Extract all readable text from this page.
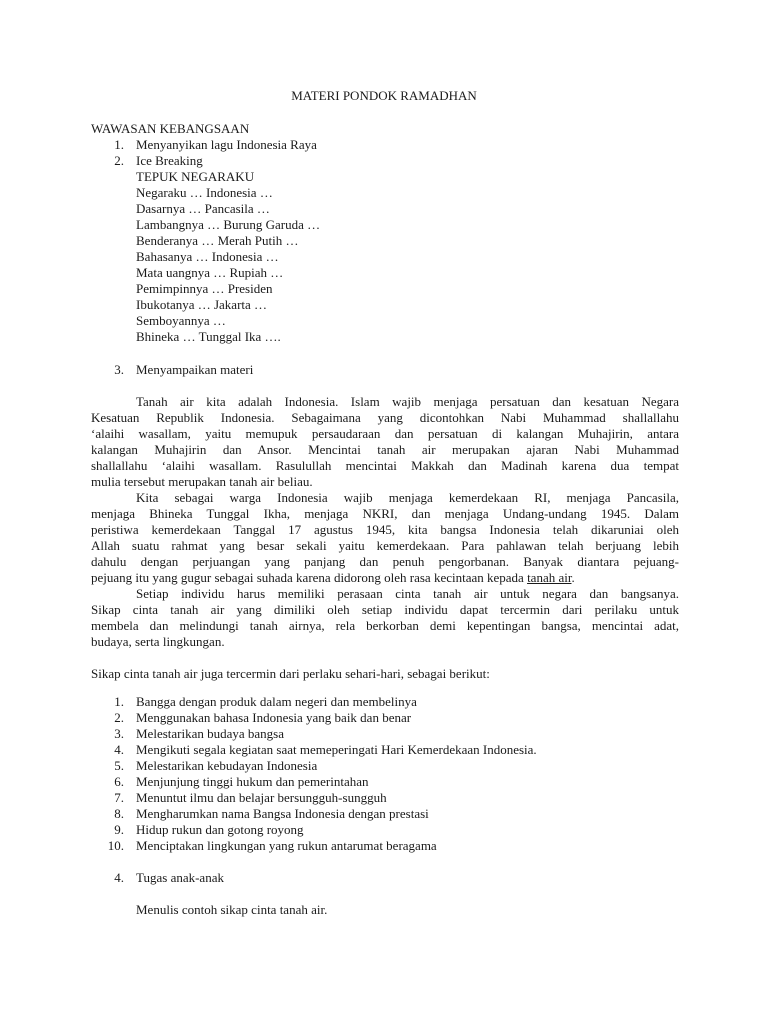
MATERI PONDOK RAMADHAN
WAWASAN KEBANGSAAN
1. Menyanyikan lagu Indonesia Raya
2. Ice Breaking
TEPUK NEGARAKU
Negaraku … Indonesia …
Dasarnya … Pancasila …
Lambangnya … Burung Garuda …
Benderanya … Merah Putih …
Bahasanya … Indonesia …
Mata uangnya … Rupiah …
Pemimpinnya … Presiden
Ibukotanya … Jakarta …
Semboyannya …
Bhineka … Tunggal Ika ….
3. Menyampaikan materi
Tanah air kita adalah Indonesia. Islam wajib menjaga persatuan dan kesatuan Negara
Kesatuan Republik Indonesia. Sebagaimana yang dicontohkan Nabi Muhammad shallallahu
‘alaihi wasallam, yaitu memupuk persaudaraan dan persatuan di kalangan Muhajirin, antara
kalangan Muhajirin dan Ansor. Mencintai tanah air merupakan ajaran Nabi Muhammad
shallallahu ‘alaihi wasallam. Rasulullah mencintai Makkah dan Madinah karena dua tempat
mulia tersebut merupakan tanah air beliau.
Kita sebagai warga Indonesia wajib menjaga kemerdekaan RI, menjaga Pancasila,
menjaga Bhineka Tunggal Ikha, menjaga NKRI, dan menjaga Undang-undang 1945. Dalam
peristiwa kemerdekaan Tanggal 17 agustus 1945, kita bangsa Indonesia telah dikaruniai oleh
Allah suatu rahmat yang besar sekali yaitu kemerdekaan. Para pahlawan telah berjuang lebih
dahulu dengan perjuangan yang panjang dan penuh pengorbanan. Banyak diantara pejuang-
pejuang itu yang gugur sebagai suhada karena didorong oleh rasa kecintaan kepada tanah air.
Setiap individu harus memiliki perasaan cinta tanah air untuk negara dan bangsanya.
Sikap cinta tanah air yang dimiliki oleh setiap individu dapat tercermin dari perilaku untuk
membela dan melindungi tanah airnya, rela berkorban demi kepentingan bangsa, mencintai adat,
budaya, serta lingkungan.
Sikap cinta tanah air juga tercermin dari perlaku sehari-hari, sebagai berikut:
1. Bangga dengan produk dalam negeri dan membelinya
2. Menggunakan bahasa Indonesia yang baik dan benar
3. Melestarikan budaya bangsa
4. Mengikuti segala kegiatan saat memeperingati Hari Kemerdekaan Indonesia.
5. Melestarikan kebudayan Indonesia
6. Menjunjung tinggi hukum dan pemerintahan
7. Menuntut ilmu dan belajar bersungguh-sungguh
8. Mengharumkan nama Bangsa Indonesia dengan prestasi
9. Hidup rukun dan gotong royong
10. Menciptakan lingkungan yang rukun antarumat beragama
4. Tugas anak-anak
Menulis contoh sikap cinta tanah air.
